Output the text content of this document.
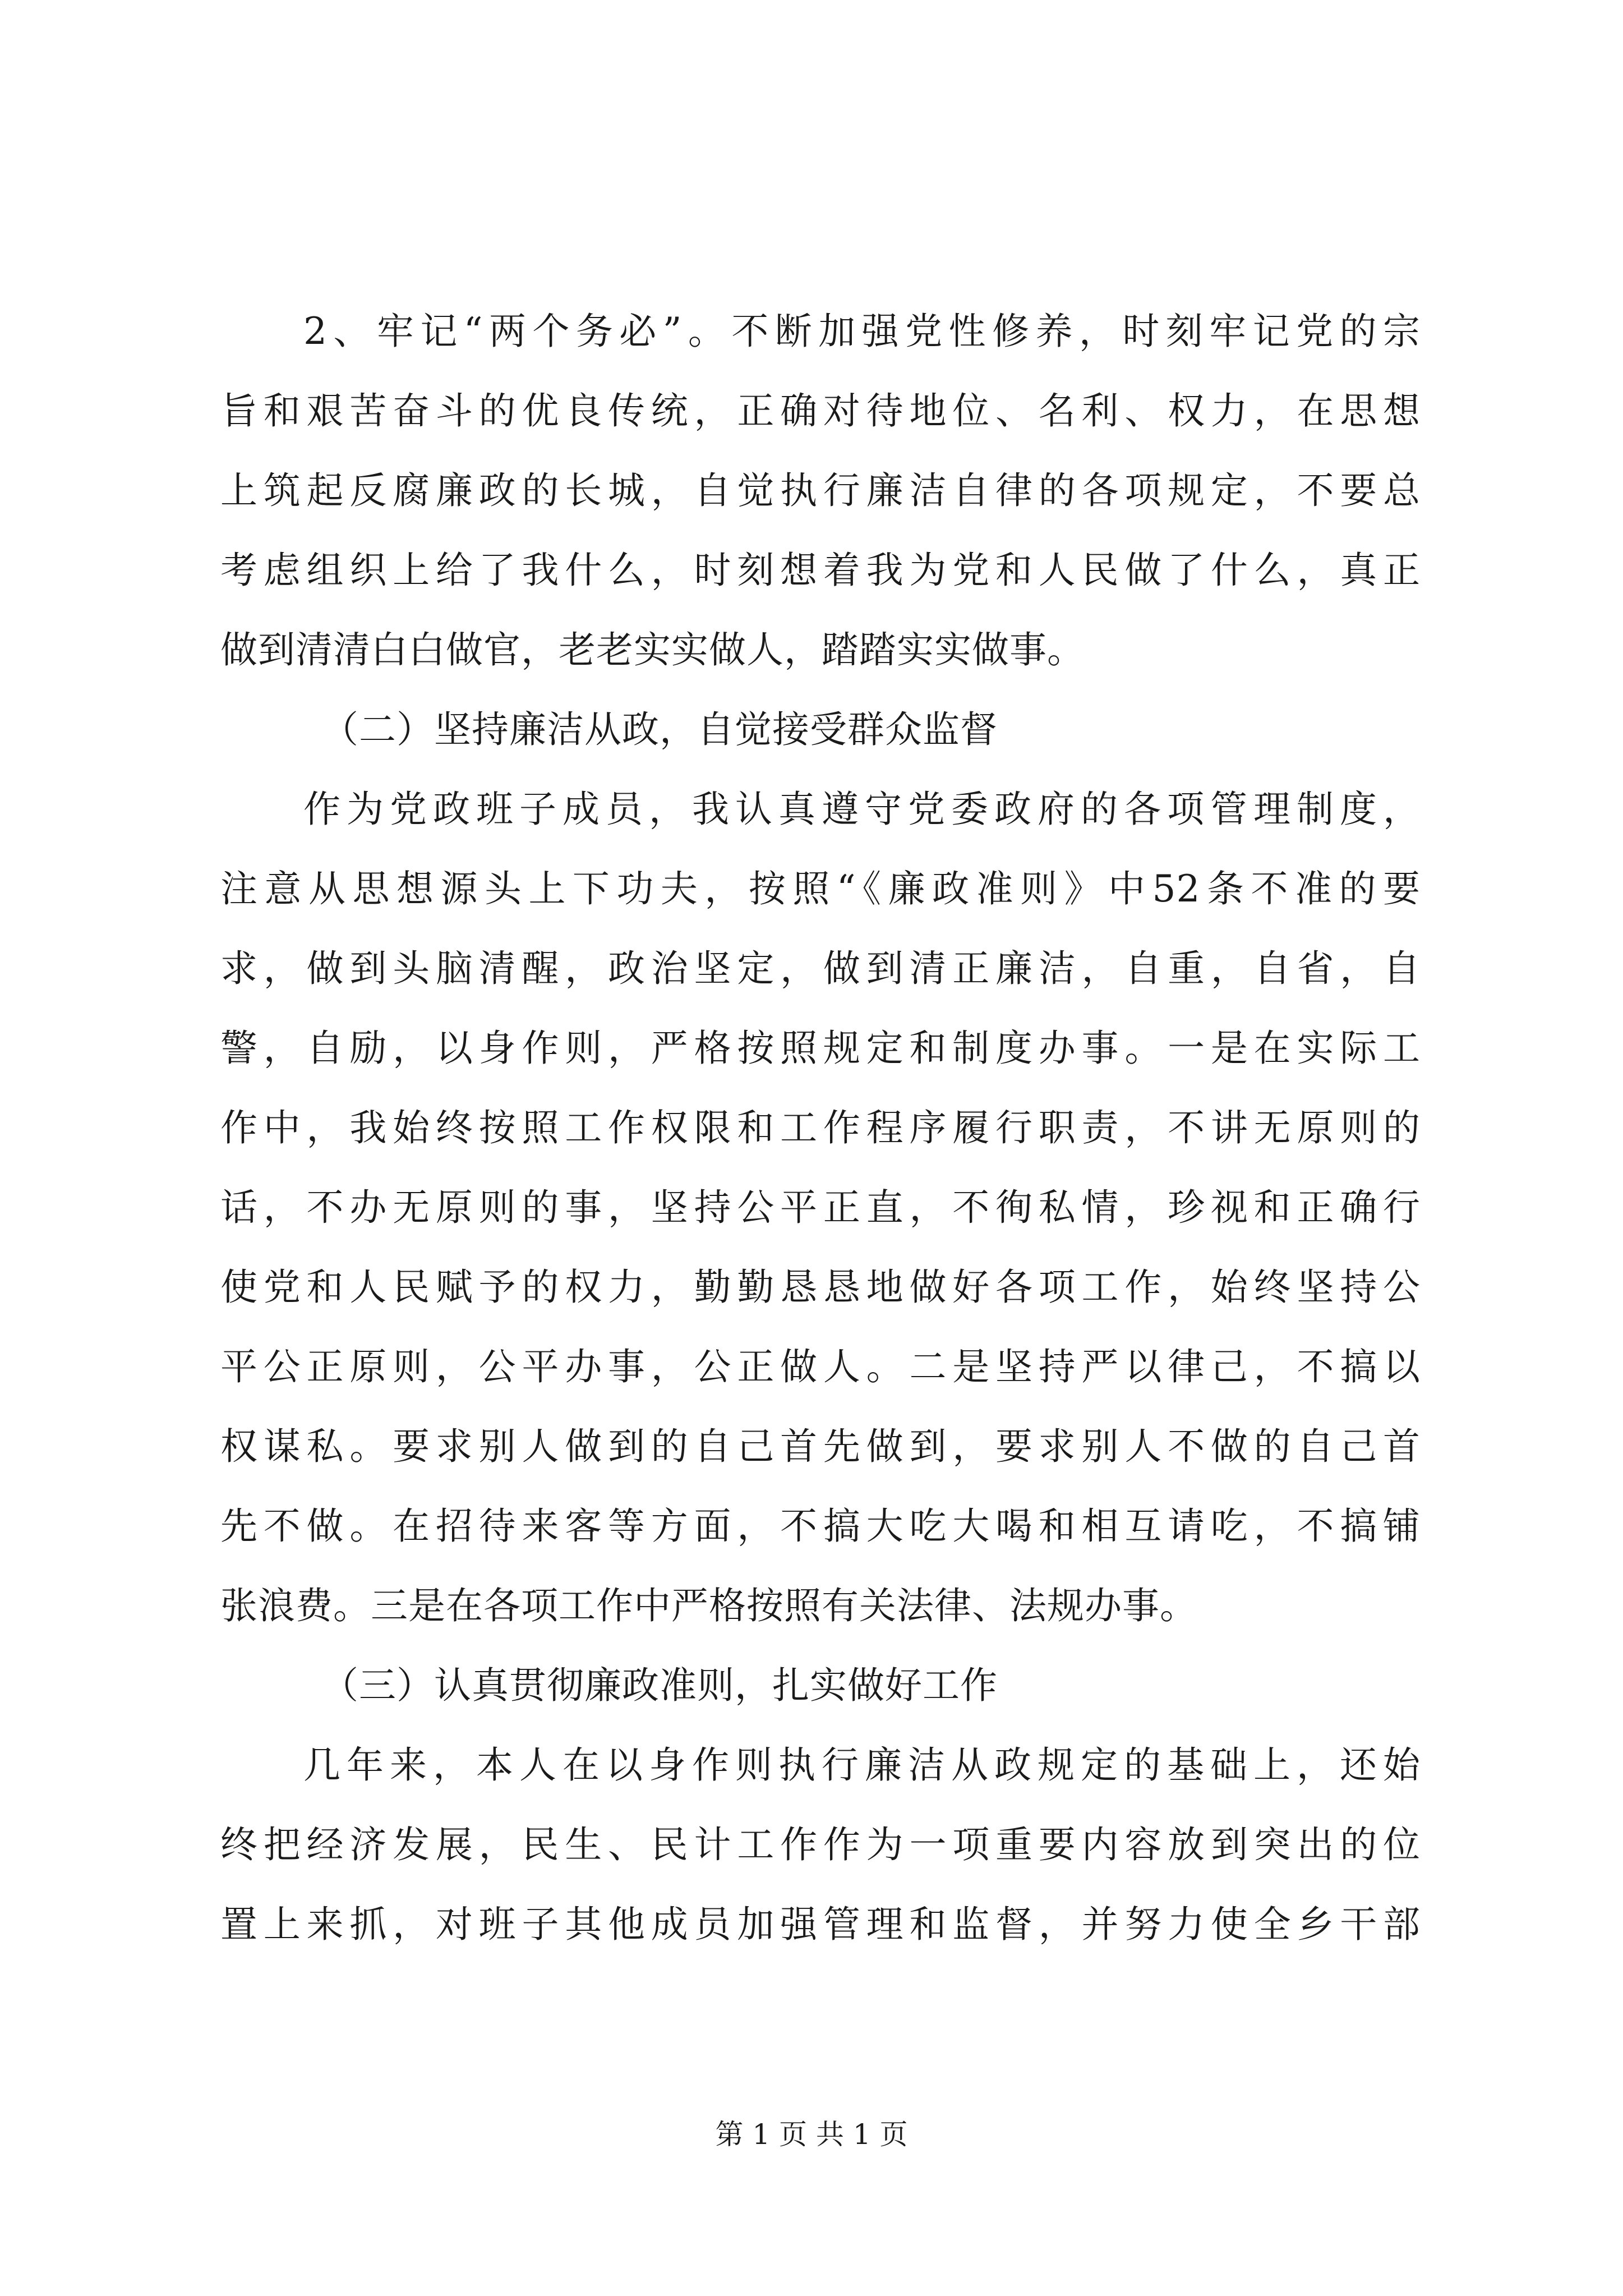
2、牢记“两个务必”。不断加强党性修养，时刻牢记党的宗
旨和艰苦奋斗的优良传统，正确对待地位、名利、权力，在思想
上筑起反腐廉政的长城，自觉执行廉洁自律的各项规定，不要总
考虑组织上给了我什么，时刻想着我为党和人民做了什么，真正
做到清清白白做官，老老实实做人，踏踏实实做事。
（二）坚持廉洁从政，自觉接受群众监督
作为党政班子成员，我认真遵守党委政府的各项管理制度，
注意从思想源头上下功夫，按照“《廉政准则》中52条不准的要
求，做到头脑清醒，政治坚定，做到清正廉洁，自重，自省，自
警，自励，以身作则，严格按照规定和制度办事。一是在实际工
作中，我始终按照工作权限和工作程序履行职责，不讲无原则的
话，不办无原则的事，坚持公平正直，不徇私情，珍视和正确行
使党和人民赋予的权力，勤勤恳恳地做好各项工作，始终坚持公
平公正原则，公平办事，公正做人。二是坚持严以律己，不搞以
权谋私。要求别人做到的自己首先做到，要求别人不做的自己首
先不做。在招待来客等方面，不搞大吃大喝和相互请吃，不搞铺
张浪费。三是在各项工作中严格按照有关法律、法规办事。
（三）认真贯彻廉政准则，扎实做好工作
几年来，本人在以身作则执行廉洁从政规定的基础上，还始
终把经济发展，民生、民计工作作为一项重要内容放到突出的位
置上来抓，对班子其他成员加强管理和监督，并努力使全乡干部
第 1 页 共 1 页
